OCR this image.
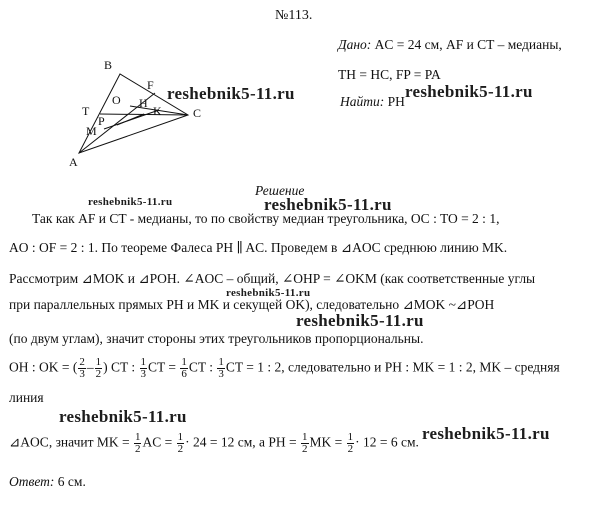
№113.
Дано: AC = 24 см, AF и CT – медианы,
TH = HC, FP = PA
Найти: PH
B
F
O H
K	C
T
P
M
A
reshebnik5-11.ru	reshebnik5-11.ru
reshebnik5-11.ru	reshebnik5-11.ru
reshebnik5-11.ru
reshebnik5-11.ru
reshebnik5-11.ru
reshebnik5-11.ru
Решение
Так как AF и CT - медианы, то по свойству медиан треугольника, OC : TO = 2 : 1,
AO : OF = 2 : 1. По теореме Фалеса PH ∥ AC. Проведем в ⊿AOC среднюю линию MK.
Рассмотрим ⊿MOK и ⊿POH. ∠AOC – общий, ∠OHP = ∠OKM (как соответственные углы
при параллельных прямых PH и MK и секущей OK), следовательно ⊿MOK ~⊿POH
(по двум углам), значит стороны этих треугольников пропорциональны.
OH : OK = ( $\frac{2}{3} - \frac{1}{2}$ ) CT : $\frac{1}{3}$ CT = $\frac{1}{6}$ CT : $\frac{1}{3}$ CT = 1 : 2, следовательно и PH : MK = 1 : 2, MK – средняя
линия
⊿AOC, значит MK = $\frac{1}{2}$ AC = $\frac{1}{2} \cdot 24 = 12$ см, а PH = $\frac{1}{2}$ MK = $\frac{1}{2} \cdot 12 = 6$ см.
Ответ: 6 см.
